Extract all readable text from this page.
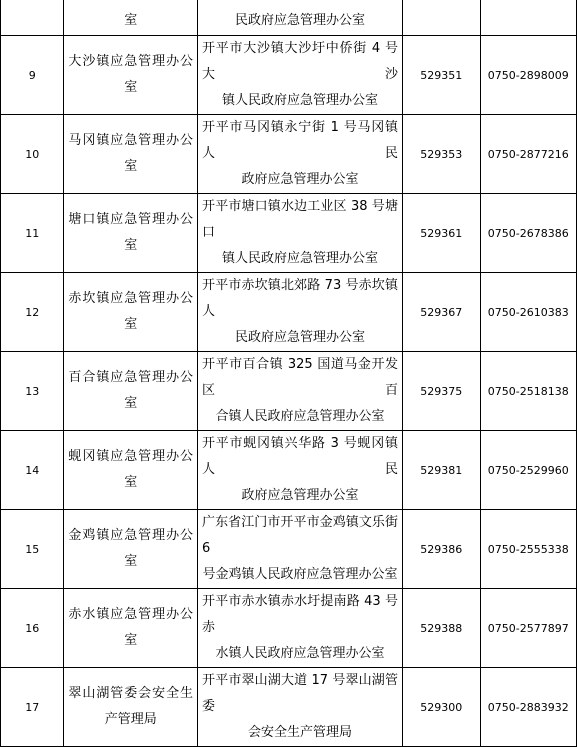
	室	民政府应急管理办公室		

9	大沙镇应急管理办公
室	开平市大沙镇大沙圩中侨街 4 号大沙
镇人民政府应急管理办公室	529351	0750-2898009
10	马冈镇应急管理办公
室	开平市马冈镇永宁街 1 号马冈镇人民
政府应急管理办公室	529353	0750-2877216
11	塘口镇应急管理办公
室	开平市塘口镇水边工业区 38 号塘口
镇人民政府应急管理办公室	529361	0750-2678386
12	赤坎镇应急管理办公
室	开平市赤坎镇北郊路 73 号赤坎镇人
民政府应急管理办公室	529367	0750-2610383
13	百合镇应急管理办公
室	开平市百合镇 325 国道马金开发区百
合镇人民政府应急管理办公室	529375	0750-2518138
14	蚬冈镇应急管理办公
室	开平市蚬冈镇兴华路 3 号蚬冈镇人民
政府应急管理办公室	529381	0750-2529960
15	金鸡镇应急管理办公
室	广东省江门市开平市金鸡镇文乐街 6
号金鸡镇人民政府应急管理办公室	529386	0750-2555338
16	赤水镇应急管理办公
室	开平市赤水镇赤水圩提南路 43 号赤
水镇人民政府应急管理办公室	529388	0750-2577897
17	翠山湖管委会安全生
产管理局	开平市翠山湖大道 17 号翠山湖管委
会安全生产管理局	529300	0750-2883932
